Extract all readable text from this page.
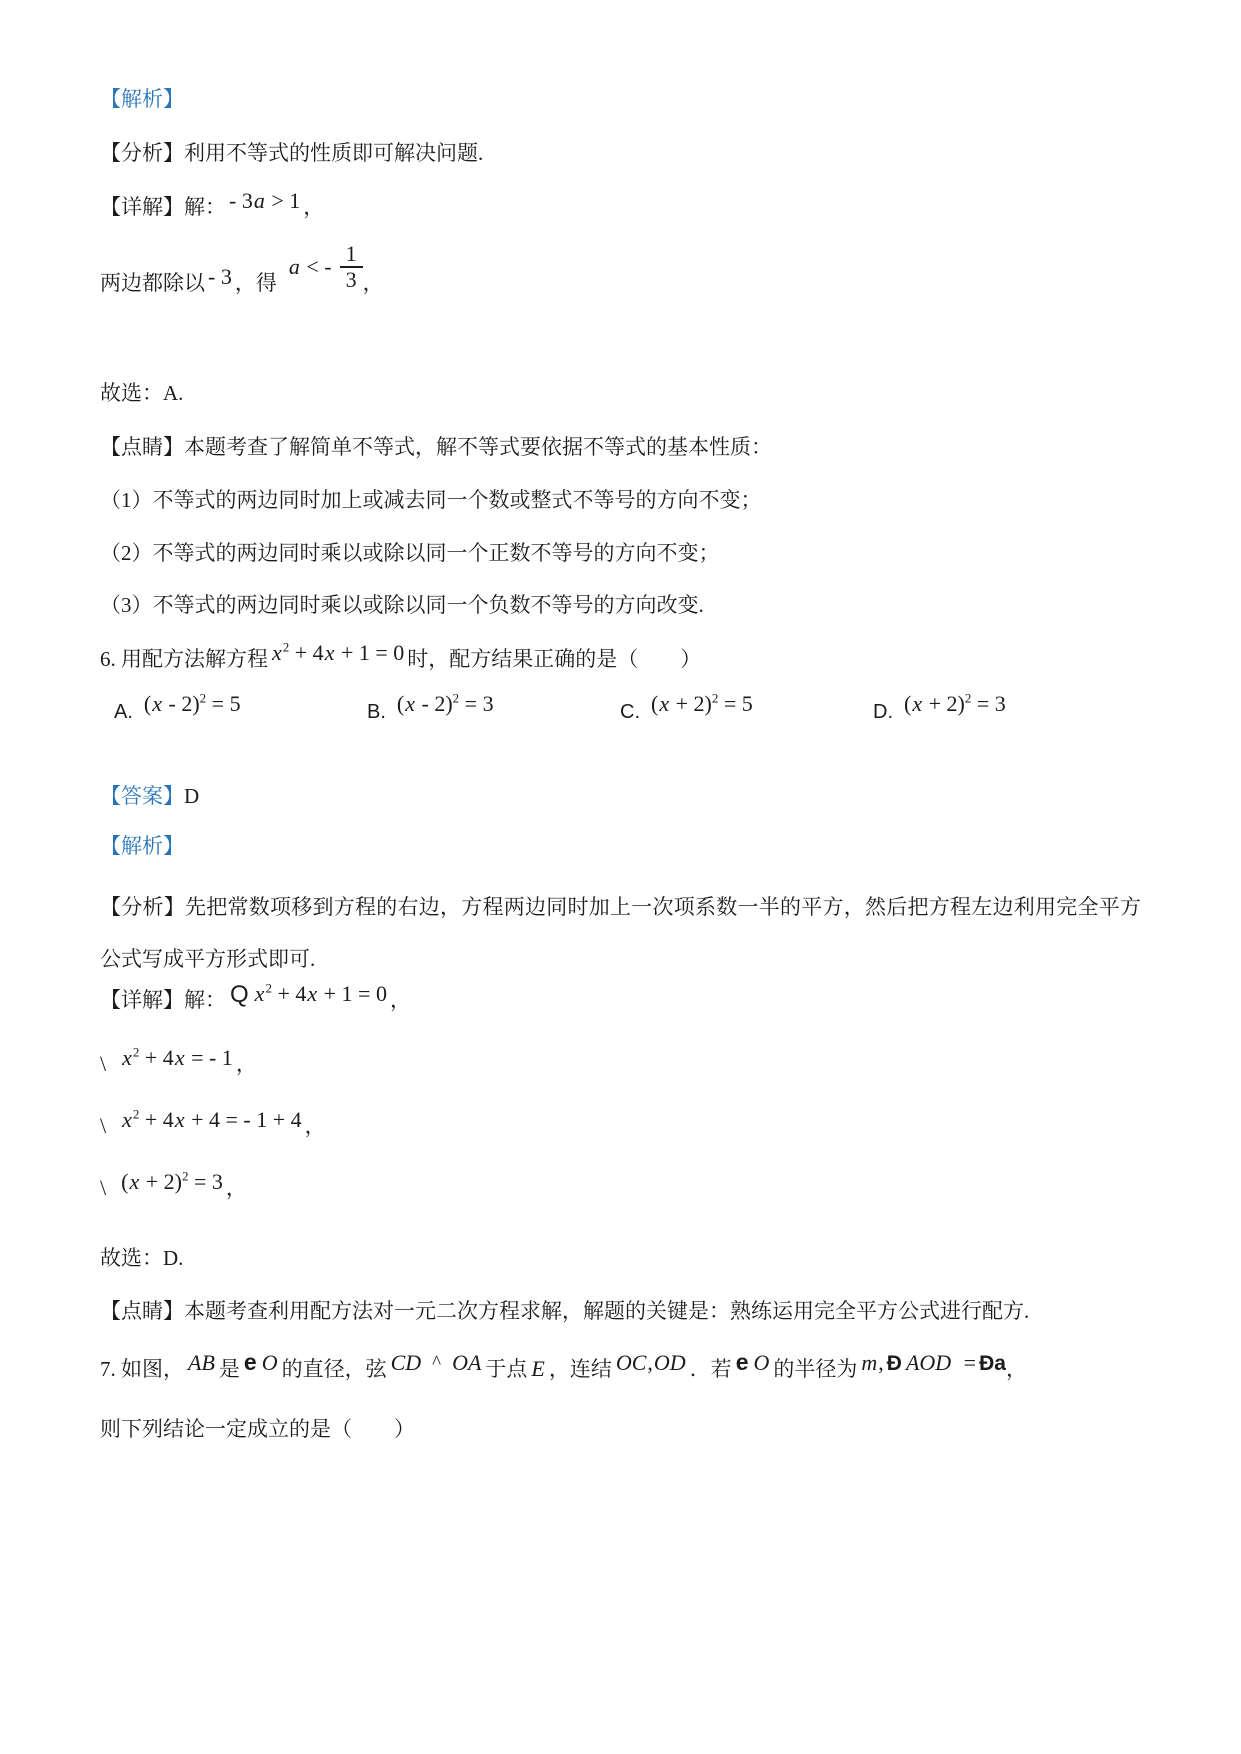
【解析】

【分析】利用不等式的性质即可解决问题.

【详解】解： - 3a > 1 ，

两边都除以 - 3 ，得
a < - $\frac{1}{3}$ ，

故选：A.

【点睛】本题考查了解简单不等式，解不等式要依据不等式的基本性质：

（1）不等式的两边同时加上或减去同一个数或整式不等号的方向不变；

（2）不等式的两边同时乘以或除以同一个正数不等号的方向不变；

（3）不等式的两边同时乘以或除以同一个负数不等号的方向改变.

6. 用配方法解方程 $x^2 + 4x + 1 = 0$ 时，配方结果正确的是（　　）

A. (x - 2)$^2$ = 5	B. (x - 2)$^2$ = 3	C. $(x + 2)^2 = 5$	D. $(x + 2)^2 = 3$

【答案】D

【解析】

【分析】先把常数项移到方程的右边，方程两边同时加上一次项系数一半的平方，然后把方程左边利用完全平方公式写成平方形式即可.

【详解】解： Q $x^2 + 4x + 1 = 0$ ，

\ $x^2 + 4x$ = - 1 ，

\ $x^2 + 4x + 4$ = - 1 + 4 ，

\ $(x + 2)^2 = 3$ ，

故选：D.

【点睛】本题考查利用配方法对一元二次方程求解，解题的关键是：熟练运用完全平方公式进行配方.

7. 如图， AB 是 e O 的直径，弦 CD ^ OA 于点 E ，连结 OC,OD ．若 e O 的半径为 m, Ð AOD = Ða，

则下列结论一定成立的是（　　）
